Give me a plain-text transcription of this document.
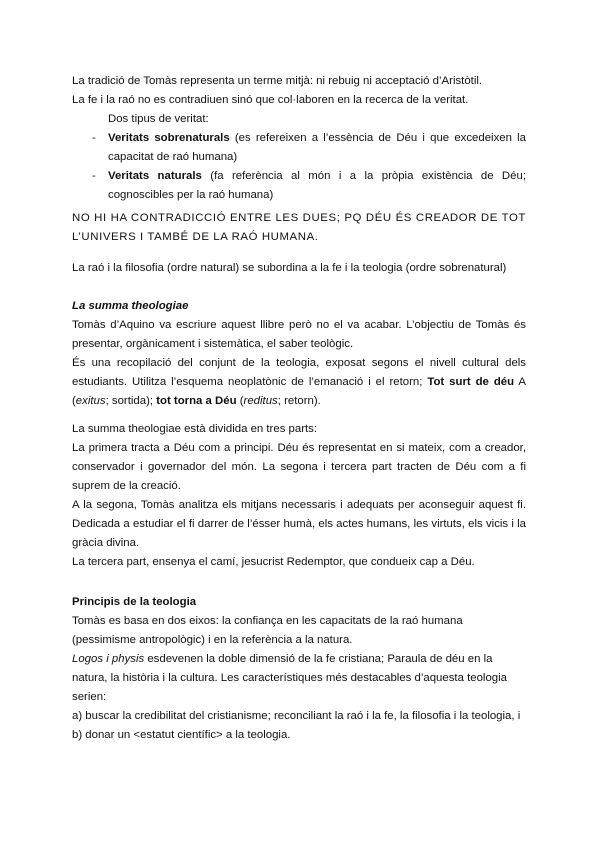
La tradició de Tomàs representa un terme mitjà: ni rebuig ni acceptació d’Aristòtil.

La fe i la raó no es contradiuen sinó que col·laboren en la recerca de la veritat.

Dos tipus de veritat:

- Veritats sobrenaturals (es refereixen a l’essència de Déu i que excedeixen la capacitat de raó humana)
- Veritats naturals (fa referència al món i a la pròpia existència de Déu; cognoscibles per la raó humana)

NO HI HA CONTRADICCIÓ ENTRE LES DUES; PQ DÉU ÉS CREADOR DE TOT L’UNIVERS I TAMBÉ DE LA RAÓ HUMANA.

La raó i la filosofia (ordre natural) se subordina a la fe i la teologia (ordre sobrenatural)

La summa theologiae

Tomàs d’Aquino va escriure aquest llibre però no el va acabar. L’objectiu de Tomàs és presentar, orgànicament i sistemàtica, el saber teològic.

És una recopilació del conjunt de la teologia, exposat segons el nivell cultural dels estudiants. Utilitza l’esquema neoplatònic de l’emanació i el retorn; Tot surt de déu A (exitus; sortida); tot torna a Déu (reditus; retorn).

La summa theologiae està dividida en tres parts:

La primera tracta a Déu com a principi. Déu és representat en si mateix, com a creador, conservador i governador del món. La segona i tercera part tracten de Déu com a fi suprem de la creació.

A la segona, Tomàs analitza els mitjans necessaris i adequats per aconseguir aquest fi. Dedicada a estudiar el fi darrer de l’ésser humà, els actes humans, les virtuts, els vicis i la gràcia divina.

La tercera part, ensenya el camí, jesucrist Redemptor, que condueix cap a Déu.

Principis de la teologia

Tomàs es basa en dos eixos: la confiança en les capacitats de la raó humana (pessimisme antropològic) i en la referència a la natura.

Logos i physis esdevenen la doble dimensió de la fe cristiana; Paraula de déu en la natura, la història i la cultura. Les característiques més destacables d’aquesta teologia serien:

a) buscar la credibilitat del cristianisme; reconciliant la raó i la fe, la filosofia i la teologia, i b) donar un <estatut científic> a la teologia.
